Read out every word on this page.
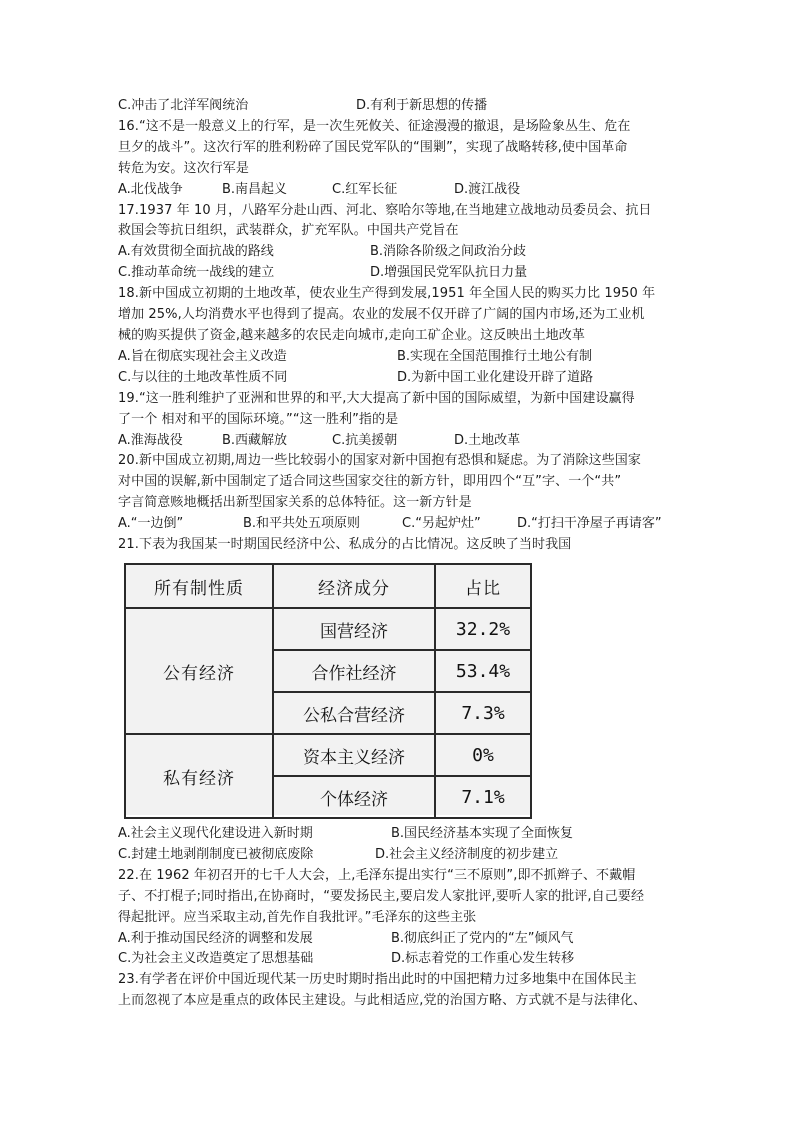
C.冲击了北洋军阀统治	D.有利于新思想的传播
16.“这不是一般意义上的行军，是一次生死攸关、征途漫漫的撤退，是场险象丛生、危在
旦夕的战斗”。这次行军的胜利粉碎了国民党军队的“围剿”，实现了战略转移,使中国革命
转危为安。这次行军是
A.北伐战争	B.南昌起义	C.红军长征	D.渡江战役
17.1937 年 10 月，八路军分赴山西、河北、察哈尔等地,在当地建立战地动员委员会、抗日
救国会等抗日组织，武装群众，扩充军队。中国共产党旨在
A.有效贯彻全面抗战的路线	B.消除各阶级之间政治分歧
C.推动革命统一战线的建立	D.增强国民党军队抗日力量
18.新中国成立初期的土地改革，使农业生产得到发展,1951 年全国人民的购买力比 1950 年
增加 25%,人均消费水平也得到了提高。农业的发展不仅开辟了广阔的国内市场,还为工业机
械的购买提供了资金,越来越多的农民走向城市,走向工矿企业。这反映出土地改革
A.旨在彻底实现社会主义改造	B.实现在全国范围推行土地公有制
C.与以往的土地改革性质不同	D.为新中国工业化建设开辟了道路
19.“这一胜利维护了亚洲和世界的和平,大大提高了新中国的国际威望，为新中国建设赢得
了一个 相对和平的国际环境。”“这一胜利”指的是
A.淮海战役	B.西藏解放	C.抗美援朝	D.土地改革
20.新中国成立初期,周边一些比较弱小的国家对新中国抱有恐惧和疑虑。为了消除这些国家
对中国的误解,新中国制定了适合同这些国家交往的新方针，即用四个“互”字、一个“共”
字言简意赅地概括出新型国家关系的总体特征。这一新方针是
A.“一边倒”	B.和平共处五项原则	C.“另起炉灶”	D.“打扫干净屋子再请客”
21.下表为我国某一时期国民经济中公、私成分的占比情况。这反映了当时我国
所有制性质	经济成分	占比
公有经济	国营经济	32.2%
	合作社经济	53.4%
	公私合营经济	7.3%
私有经济	资本主义经济	0%
	个体经济	7.1%
A.社会主义现代化建设进入新时期	B.国民经济基本实现了全面恢复
C.封建土地剥削制度已被彻底废除	D.社会主义经济制度的初步建立
22.在 1962 年初召开的七千人大会，上,毛泽东提出实行“三不原则”,即不抓辫子、不戴帽
子、不打棍子;同时指出,在协商时，“要发扬民主,要启发人家批评,要听人家的批评,自己要经
得起批评。应当采取主动,首先作自我批评。”毛泽东的这些主张
A.利于推动国民经济的调整和发展	B.彻底纠正了党内的“左”倾风气
C.为社会主义改造奠定了思想基础	D.标志着党的工作重心发生转移
23.有学者在评价中国近现代某一历史时期时指出此时的中国把精力过多地集中在国体民主
上而忽视了本应是重点的政体民主建设。与此相适应,党的治国方略、方式就不是与法律化、
